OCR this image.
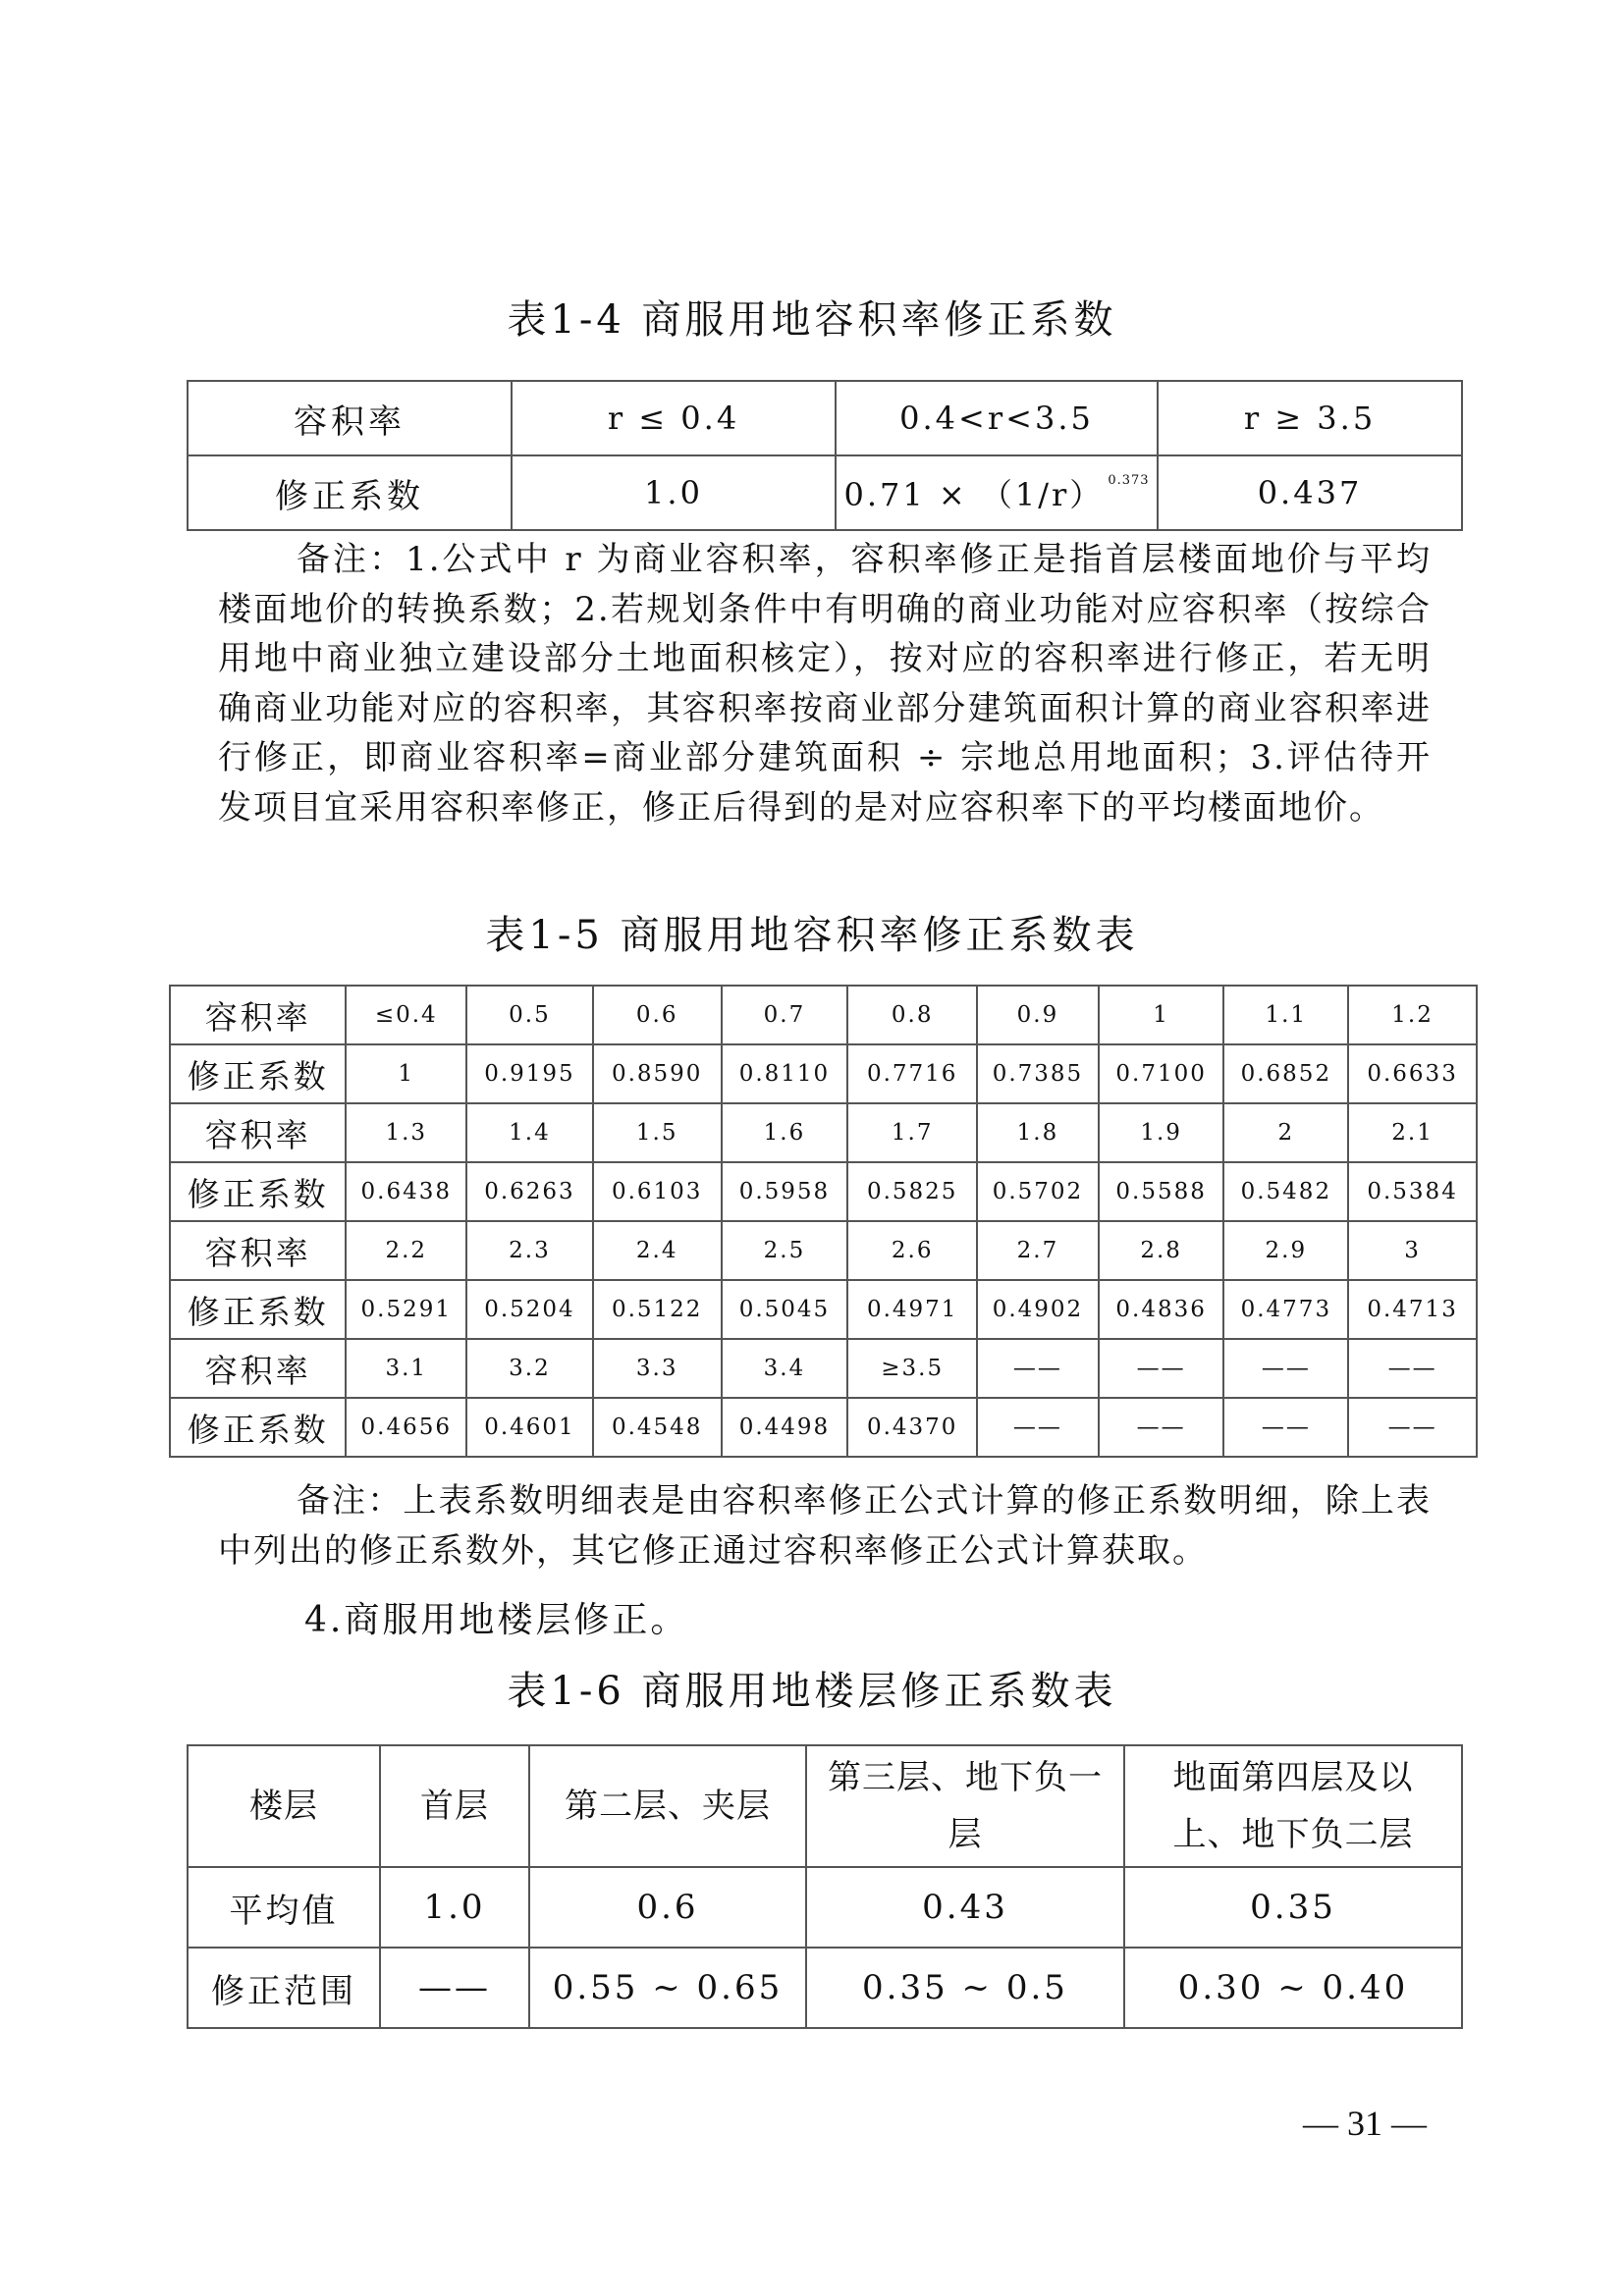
表1-4 商服用地容积率修正系数
容积率	r ≤ 0.4	0.4<r<3.5	r ≥ 3.5
修正系数	1.0	0.71 × （1/r） $^{0.373}$	0.437
备注：1.公式中 r 为商业容积率，容积率修正是指首层楼面地价与平均楼面地价的转换系数；2.若规划条件中有明确的商业功能对应容积率（按综合用地中商业独立建设部分土地面积核定），按对应的容积率进行修正，若无明确商业功能对应的容积率，其容积率按商业部分建筑面积计算的商业容积率进行修正，即商业容积率=商业部分建筑面积 ÷ 宗地总用地面积；3.评估待开发项目宜采用容积率修正，修正后得到的是对应容积率下的平均楼面地价。
表1-5 商服用地容积率修正系数表
容积率	≤0.4	0.5	0.6	0.7	0.8	0.9	1	1.1	1.2
修正系数	1	0.9195	0.8590	0.8110	0.7716	0.7385	0.7100	0.6852	0.6633
容积率	1.3	1.4	1.5	1.6	1.7	1.8	1.9	2	2.1
修正系数	0.6438	0.6263	0.6103	0.5958	0.5825	0.5702	0.5588	0.5482	0.5384
容积率	2.2	2.3	2.4	2.5	2.6	2.7	2.8	2.9	3
修正系数	0.5291	0.5204	0.5122	0.5045	0.4971	0.4902	0.4836	0.4773	0.4713
容积率	3.1	3.2	3.3	3.4	≥3.5	——	——	——	——
修正系数	0.4656	0.4601	0.4548	0.4498	0.4370	——	——	——	——
备注：上表系数明细表是由容积率修正公式计算的修正系数明细，除上表中列出的修正系数外，其它修正通过容积率修正公式计算获取。
4.商服用地楼层修正。
表1-6 商服用地楼层修正系数表
楼层	首层	第二层、夹层	第三层、地下负一层	地面第四层及以上、地下负二层
平均值	1.0	0.6	0.43	0.35
修正范围	——	0.55 ~ 0.65	0.35 ~ 0.5	0.30 ~ 0.40
— 31 —
